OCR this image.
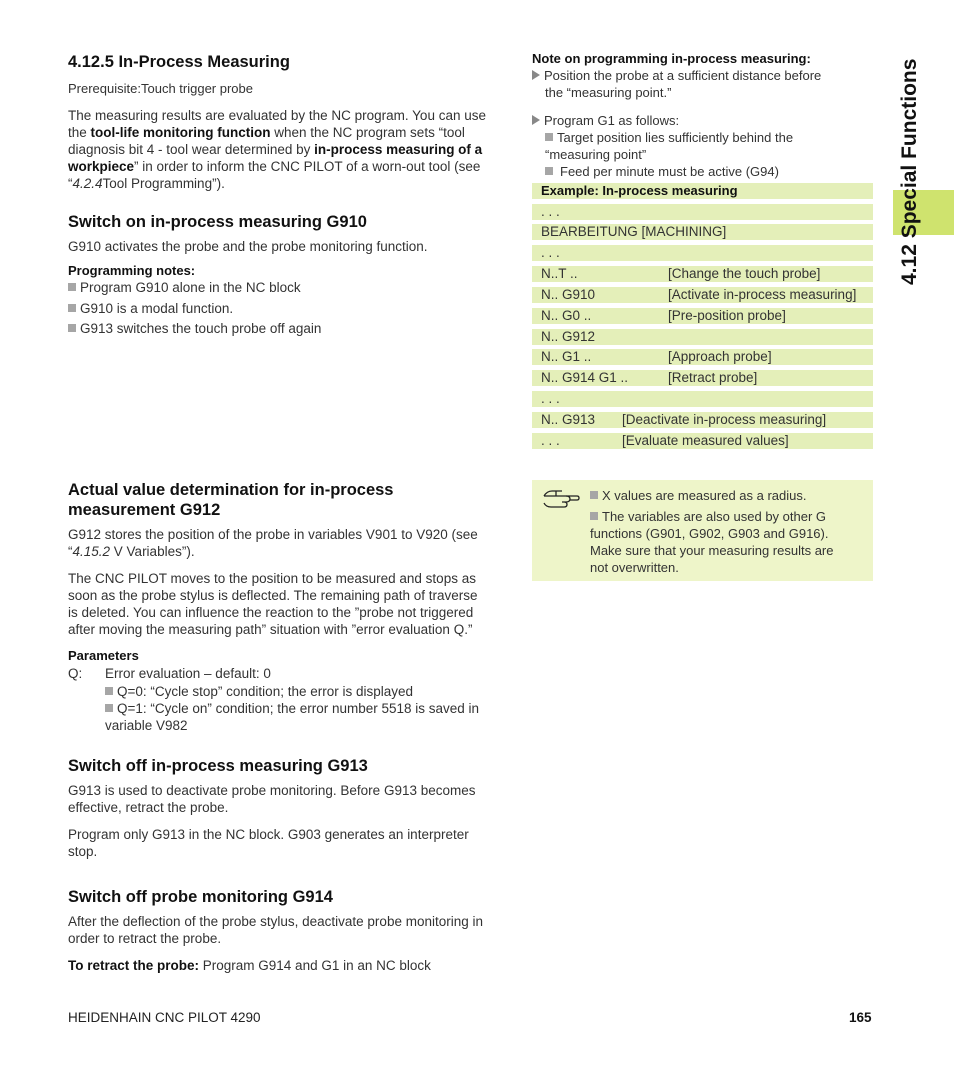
4.12.5 In-Process Measuring
Prerequisite:Touch trigger probe
The measuring results are evaluated by the NC program. You can use
the tool-life monitoring function when the NC program sets “tool
diagnosis bit 4 - tool wear determined by in-process measuring of a
workpiece” in order to inform the CNC PILOT of a worn-out tool (see
“4.2.4Tool Programming”).
Switch on in-process measuring G910
G910 activates the probe and the probe monitoring function.
Programming notes:
Program G910 alone in the NC block
G910 is a modal function.
G913 switches the touch probe off again
Actual value determination for in-process
measurement G912
G912 stores the position of the probe in variables V901 to V920 (see
“4.15.2 V Variables”).
The CNC PILOT moves to the position to be measured and stops as
soon as the probe stylus is deflected. The remaining path of traverse
is deleted. You can influence the reaction to the ”probe not triggered
after moving the measuring path” situation with ”error evaluation Q.”
Parameters
Q: Error evaluation – default: 0
Q=0: “Cycle stop” condition; the error is displayed
Q=1: “Cycle on” condition; the error number 5518 is saved in
variable V982
Switch off in-process measuring G913
G913 is used to deactivate probe monitoring. Before G913 becomes
effective, retract the probe.
Program only G913 in the NC block. G903 generates an interpreter
stop.
Switch off probe monitoring G914
After the deflection of the probe stylus, deactivate probe monitoring in
order to retract the probe.
To retract the probe: Program G914 and G1 in an NC block
Note on programming in-process measuring:
Position the probe at a sufficient distance before
the “measuring point.”
Program G1 as follows:
Target position lies sufficiently behind the
“measuring point”
Feed per minute must be active (G94)
Example: In-process measuring
. . .
BEARBEITUNG [MACHINING]
. . .
N..T ..	[Change the touch probe]
N.. G910	[Activate in-process measuring]
N.. G0 ..	[Pre-position probe]
N.. G912
N.. G1 ..	[Approach probe]
N.. G914 G1 ..	[Retract probe]
. . .
N.. G913 [Deactivate in-process measuring]
. . .	[Evaluate measured values]
X values are measured as a radius.
The variables are also used by other G
functions (G901, G902, G903 and G916).
Make sure that your measuring results are
not overwritten.
4.12 Special Functions
HEIDENHAIN CNC PILOT 4290	165
